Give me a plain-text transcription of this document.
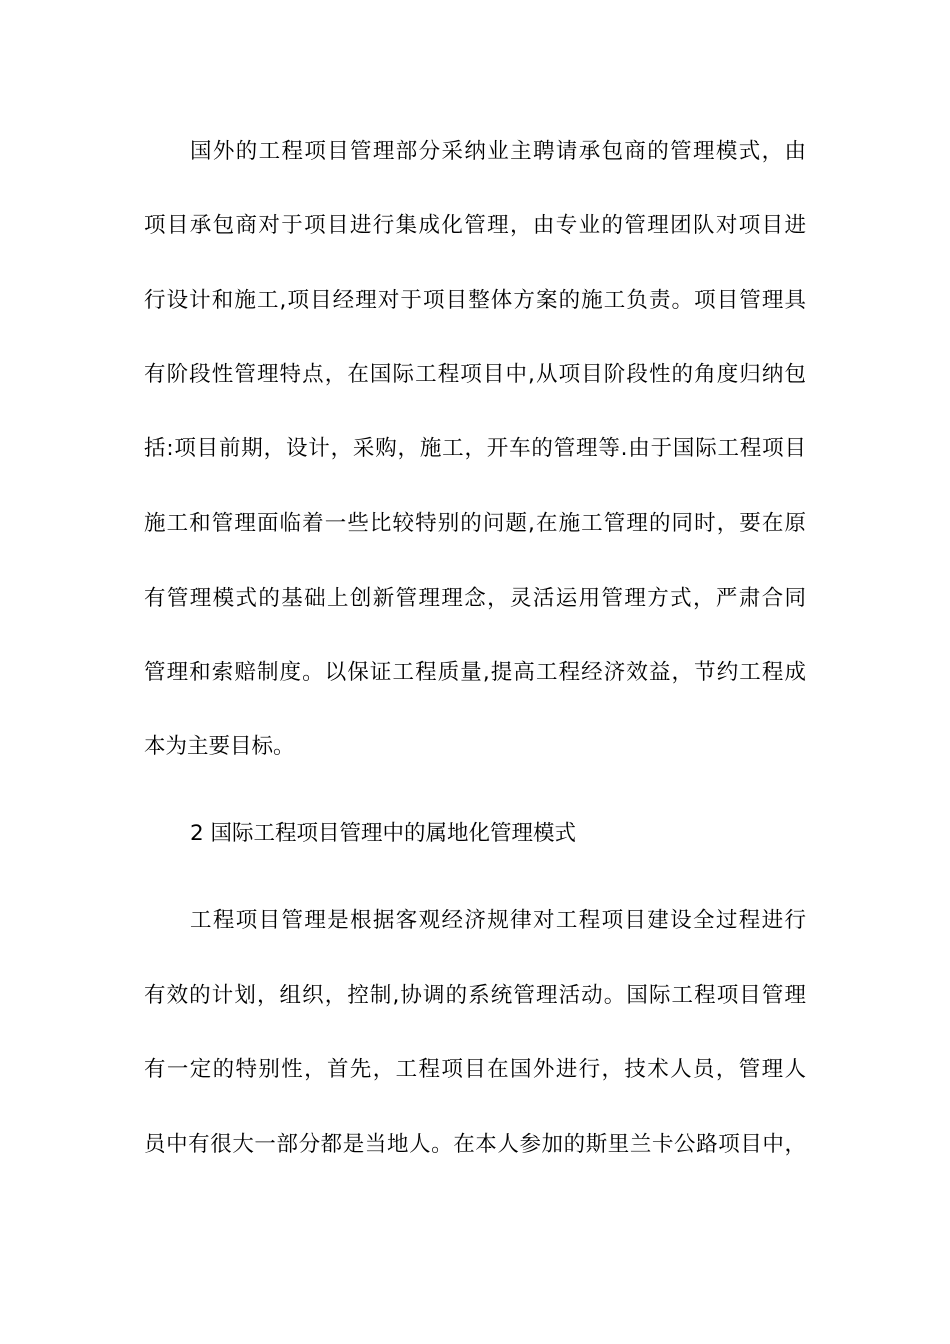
国外的工程项目管理部分采纳业主聘请承包商的管理模式，由
项目承包商对于项目进行集成化管理，由专业的管理团队对项目进
行设计和施工,项目经理对于项目整体方案的施工负责。项目管理具
有阶段性管理特点，在国际工程项目中,从项目阶段性的角度归纳包
括:项目前期，设计，采购，施工，开车的管理等.由于国际工程项目
施工和管理面临着一些比较特别的问题,在施工管理的同时，要在原
有管理模式的基础上创新管理理念，灵活运用管理方式，严肃合同
管理和索赔制度。以保证工程质量,提高工程经济效益，节约工程成
本为主要目标。
2 国际工程项目管理中的属地化管理模式
工程项目管理是根据客观经济规律对工程项目建设全过程进行
有效的计划，组织，控制,协调的系统管理活动。国际工程项目管理
有一定的特别性，首先，工程项目在国外进行，技术人员，管理人
员中有很大一部分都是当地人。在本人参加的斯里兰卡公路项目中，
